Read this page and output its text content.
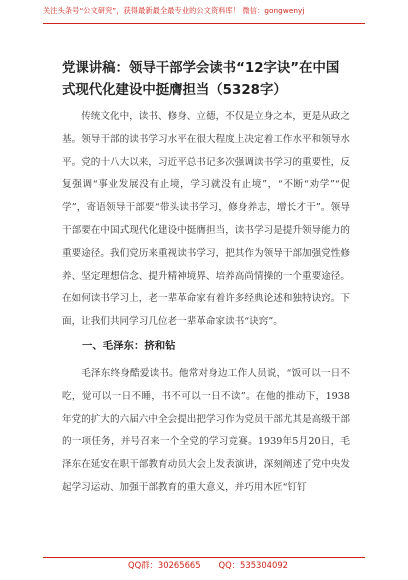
关注头条号“公文研究”，获得最新最全最专业的公文资料库！ 微信：gongwenyj
党课讲稿：领导干部学会读书“12字诀”在中国式现代化建设中挺膺担当（5328字）

传统文化中，读书、修身、立德，不仅是立身之本，更是从政之基。领导干部的读书学习水平在很大程度上决定着工作水平和领导水平。党的十八大以来，习近平总书记多次强调读书学习的重要性，反复强调“事业发展没有止境，学习就没有止境”，“不断“劝学”“促学”，寄语领导干部要“带头读书学习，修身养志，增长才干”。领导干部要在中国式现代化建设中挺膺担当，读书学习是提升领导能力的重要途径。我们党历来重视读书学习，把其作为领导干部加强党性修养、坚定理想信念、提升精神境界、培养高尚情操的一个重要途径。在如何读书学习上，老一辈革命家有着许多经典论述和独特诀窍。下面，让我们共同学习几位老一辈革命家读书“诀窍”。

一、毛泽东：挤和钻

毛泽东终身酷爱读书。他常对身边工作人员说，“饭可以一日不吃，觉可以一日不睡，书不可以一日不读”。在他的推动下，1938年党的扩大的六届六中全会提出把学习作为党员干部尤其是高级干部的一项任务，并号召来一个全党的学习竞赛。1939年5月20日，毛泽东在延安在职干部教育动员大会上发表演讲，深刻阐述了党中央发起学习运动、加强干部教育的重大意义，并巧用木匠“钉钉

QQ群：30265665 QQ：535304092
